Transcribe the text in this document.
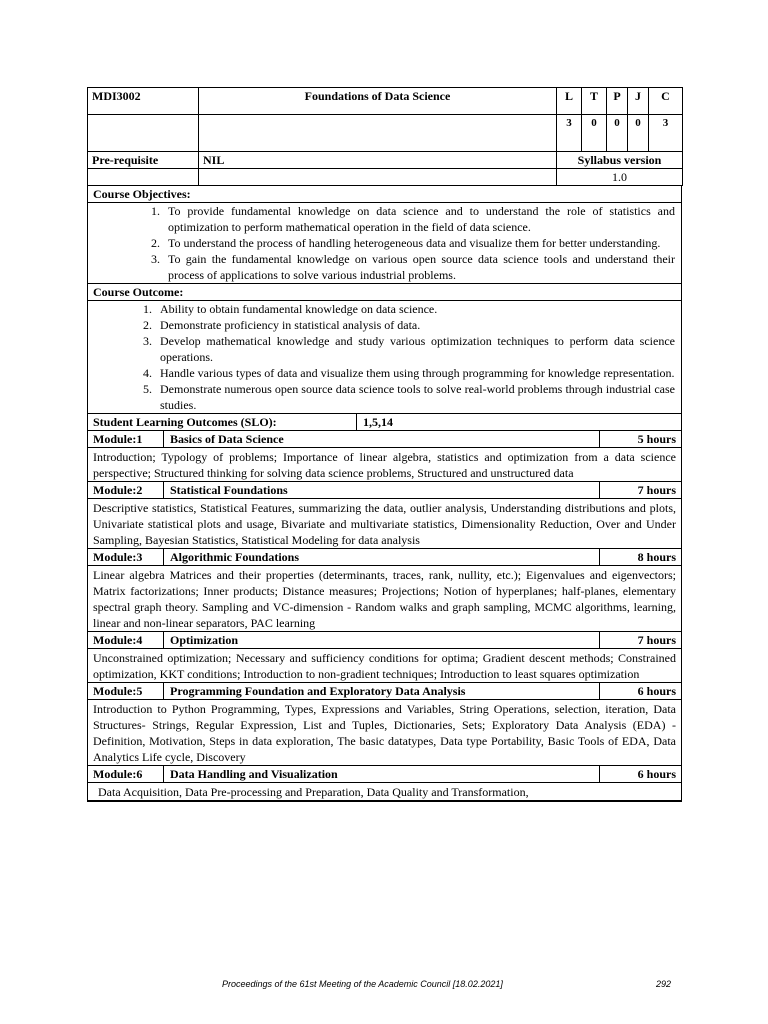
MDI3002	Foundations of Data Science	L	T	P	J	C
		3	0	0	0	3
Pre-requisite	NIL	Syllabus version				
		1.0				
Course Objectives:
1. To provide fundamental knowledge on data science and to understand the role of statistics and optimization to perform mathematical operation in the field of data science.
2. To understand the process of handling heterogeneous data and visualize them for better understanding.
3. To gain the fundamental knowledge on various open source data science tools and understand their process of applications to solve various industrial problems.
Course Outcome:
1. Ability to obtain fundamental knowledge on data science.
2. Demonstrate proficiency in statistical analysis of data.
3. Develop mathematical knowledge and study various optimization techniques to perform data science operations.
4. Handle various types of data and visualize them using through programming for knowledge representation.
5. Demonstrate numerous open source data science tools to solve real-world problems through industrial case studies.
Student Learning Outcomes (SLO):	1,5,14
Module:1	Basics of Data Science	5 hours
Introduction; Typology of problems; Importance of linear algebra, statistics and optimization from a data science perspective; Structured thinking for solving data science problems, Structured and unstructured data
Module:2	Statistical Foundations	7 hours
Descriptive statistics, Statistical Features, summarizing the data, outlier analysis, Understanding distributions and plots, Univariate statistical plots and usage, Bivariate and multivariate statistics, Dimensionality Reduction, Over and Under Sampling, Bayesian Statistics, Statistical Modeling for data analysis
Module:3	Algorithmic Foundations	8 hours
Linear algebra Matrices and their properties (determinants, traces, rank, nullity, etc.); Eigenvalues and eigenvectors; Matrix factorizations; Inner products; Distance measures; Projections; Notion of hyperplanes; half-planes, elementary spectral graph theory. Sampling and VC-dimension - Random walks and graph sampling, MCMC algorithms, learning, linear and non-linear separators, PAC learning
Module:4	Optimization	7 hours
Unconstrained optimization; Necessary and sufficiency conditions for optima; Gradient descent methods; Constrained optimization, KKT conditions; Introduction to non-gradient techniques; Introduction to least squares optimization
Module:5	Programming Foundation and Exploratory Data Analysis	6 hours
Introduction to Python Programming, Types, Expressions and Variables, String Operations, selection, iteration, Data Structures- Strings, Regular Expression, List and Tuples, Dictionaries, Sets; Exploratory Data Analysis (EDA) - Definition, Motivation, Steps in data exploration, The basic datatypes, Data type Portability, Basic Tools of EDA, Data Analytics Life cycle, Discovery
Module:6	Data Handling and Visualization	6 hours
Data Acquisition, Data Pre-processing and Preparation, Data Quality and Transformation,
Proceedings of the 61st Meeting of the Academic Council [18.02.2021]	292
